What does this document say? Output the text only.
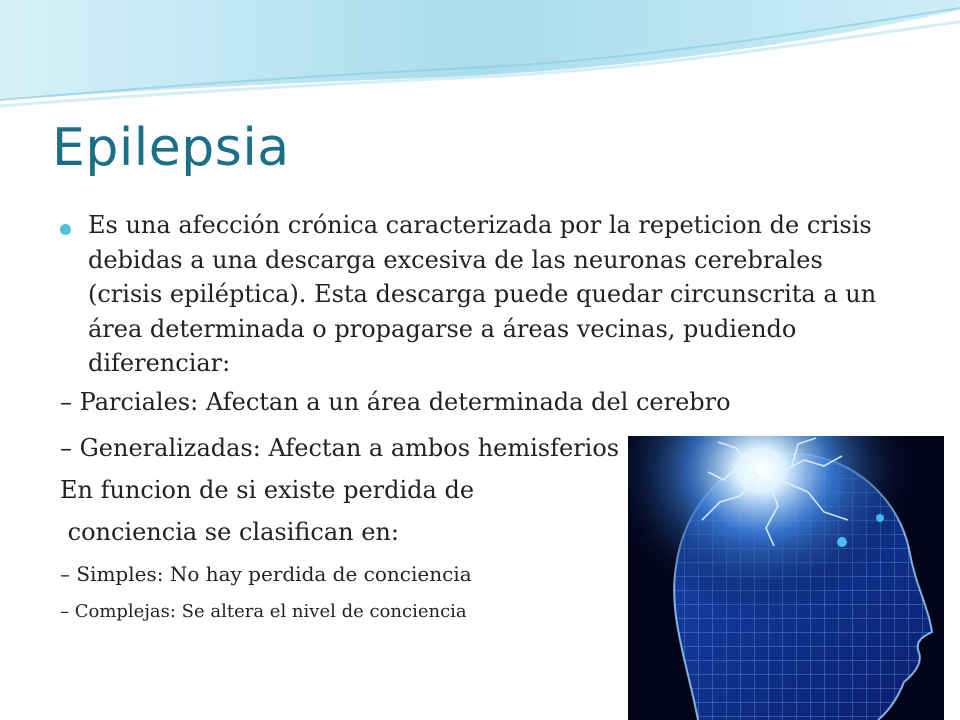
Epilepsia
Es una afección crónica caracterizada por la repeticion de crisis debidas a una descarga excesiva de las neuronas cerebrales (crisis epiléptica). Esta descarga puede quedar circunscrita a un área determinada o propagarse a áreas vecinas, pudiendo diferenciar:
– Parciales: Afectan a un área determinada del cerebro
– Generalizadas: Afectan a ambos hemisferios
En funcion de si existe perdida de
conciencia se clasifican en:
– Simples: No hay perdida de conciencia
– Complejas: Se altera el nivel de conciencia
